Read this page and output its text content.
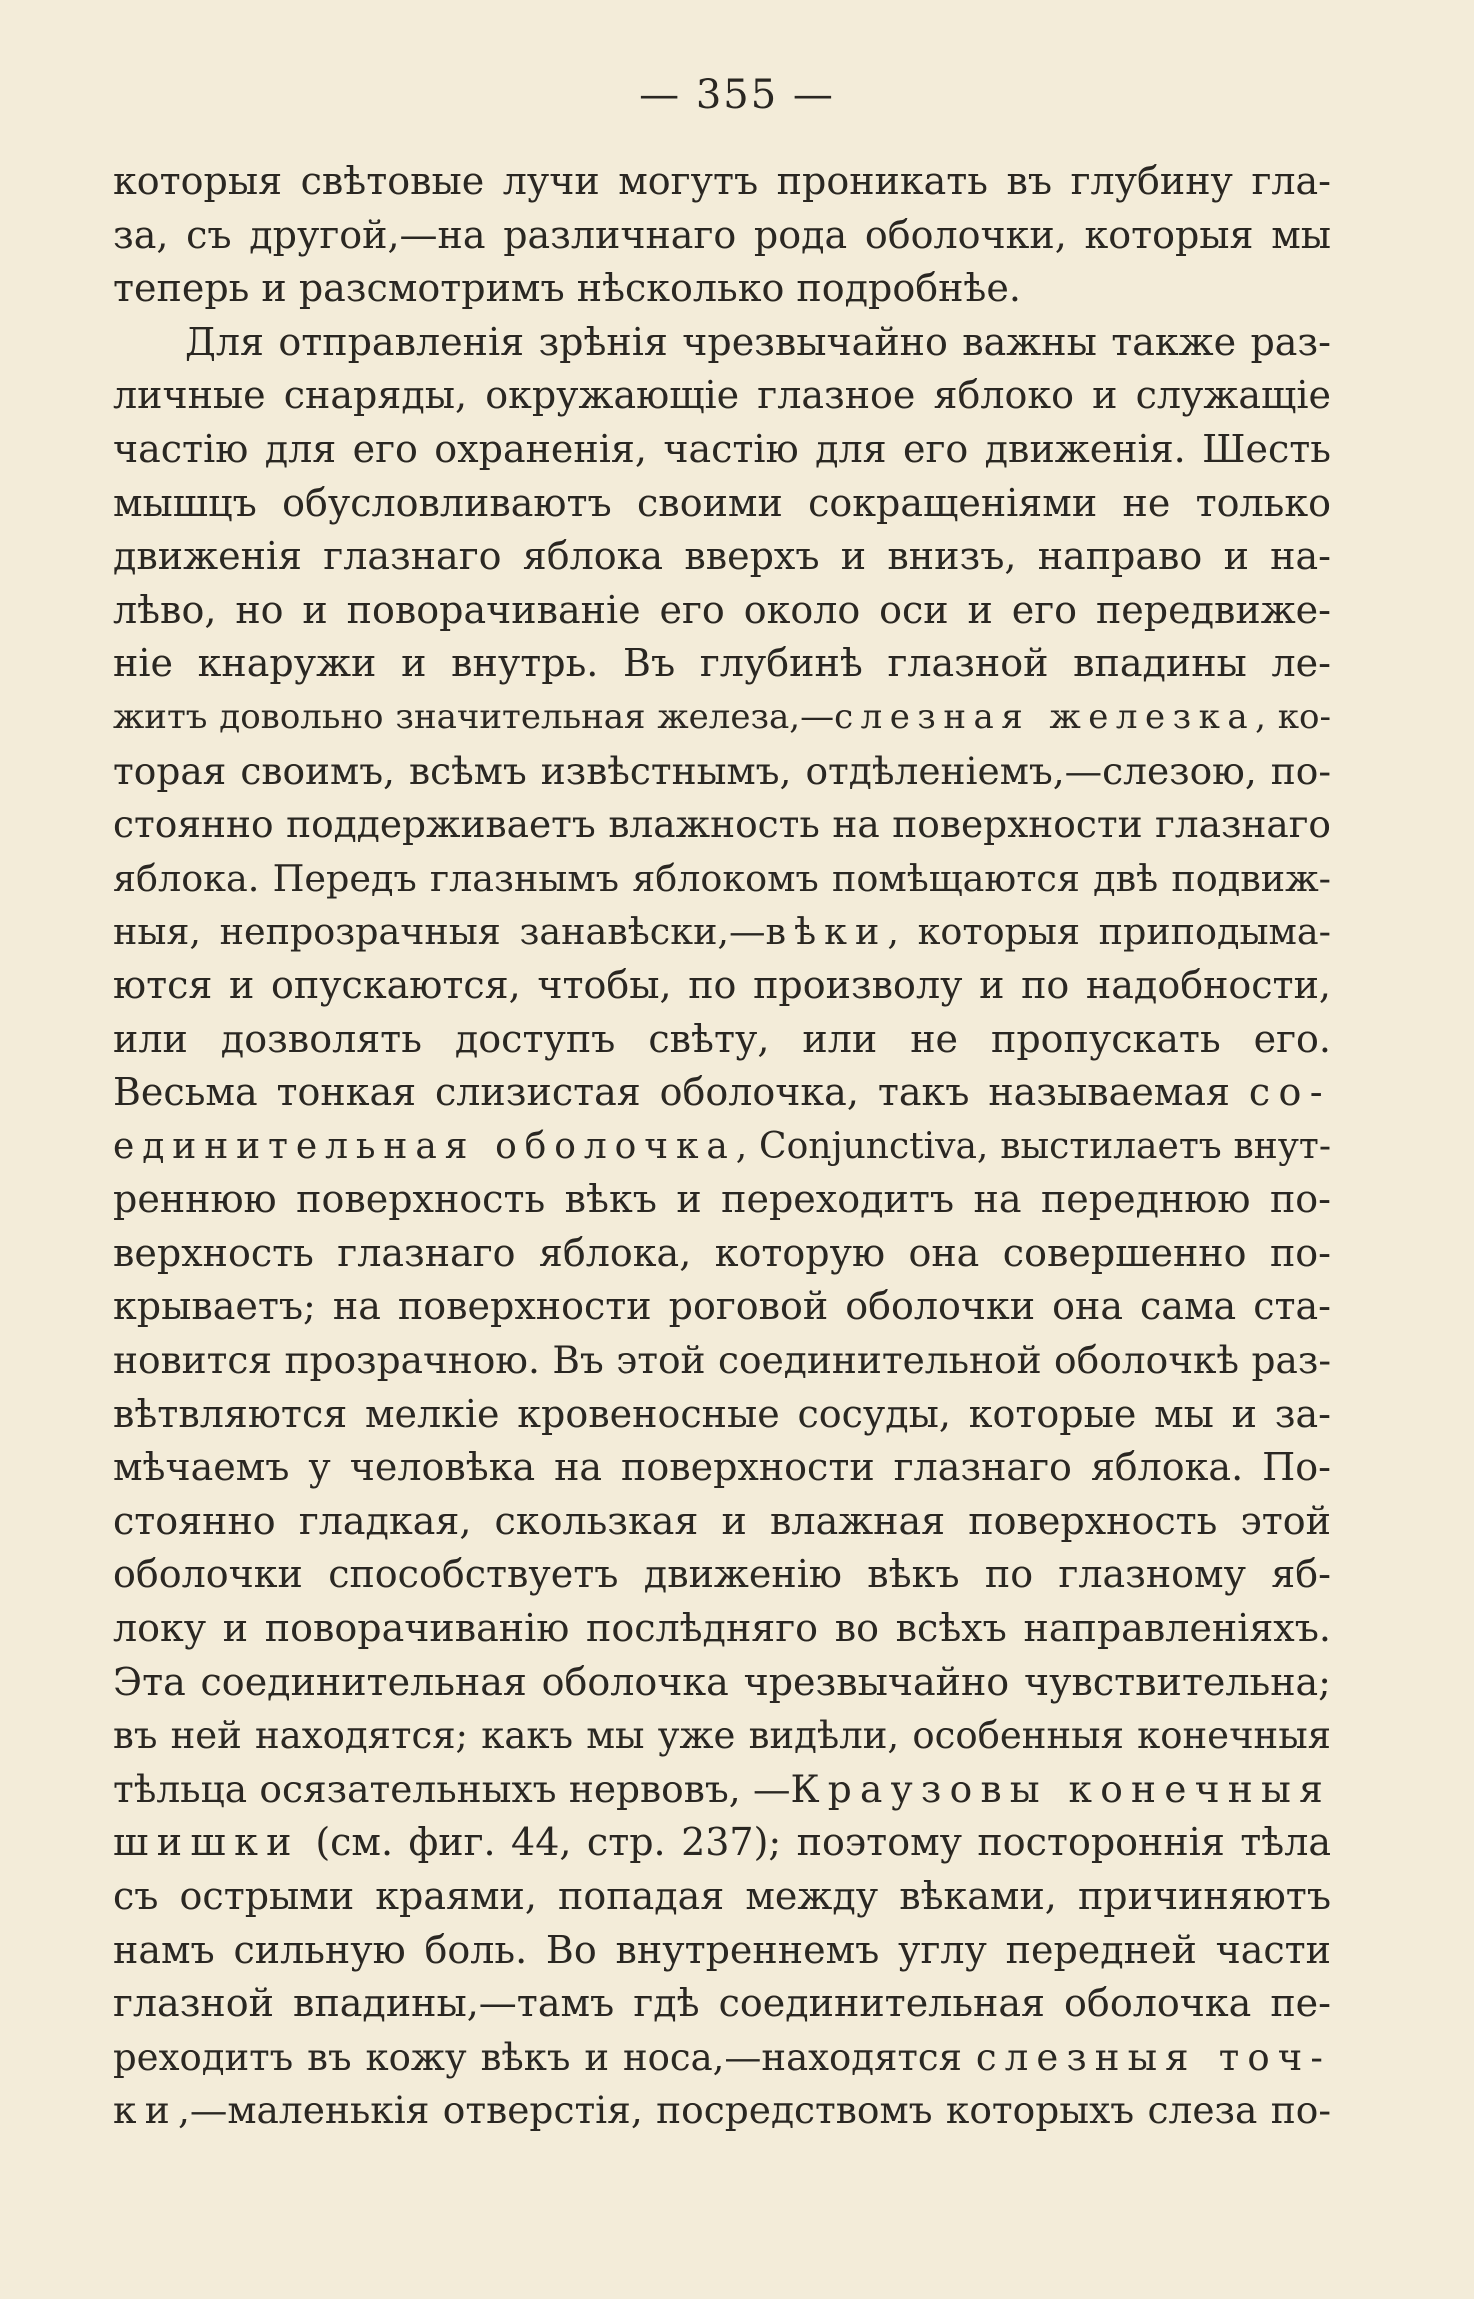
— 355 —
которыя свѣтовые лучи могутъ проникать въ глубину гла-
за, съ другой,—на различнаго рода оболочки, которыя мы
теперь и разсмотримъ нѣсколько подробнѣе.
Для отправленія зрѣнія чрезвычайно важны также раз-
личные снаряды, окружающіе глазное яблоко и служащіе
частію для его охраненія, частію для его движенія. Шесть
мышцъ обусловливаютъ своими сокращеніями не только
движенія глазнаго яблока вверхъ и внизъ, направо и на-
лѣво, но и поворачиваніе его около оси и его передвиже-
ніе кнаружи и внутрь. Въ глубинѣ глазной впадины ле-
житъ довольно значительная железа,—слезная железка, ко-
торая своимъ, всѣмъ извѣстнымъ, отдѣленіемъ,—слезою, по-
стоянно поддерживаетъ влажность на поверхности глазнаго
яблока. Передъ глазнымъ яблокомъ помѣщаются двѣ подвиж-
ныя, непрозрачныя занавѣски,—вѣки, которыя приподыма-
ются и опускаются, чтобы, по произволу и по надобности,
или дозволять доступъ свѣту, или не пропускать его.
Весьма тонкая слизистая оболочка, такъ называемая со-
единительная оболочка, Conjunctiva, выстилаетъ внут-
реннюю поверхность вѣкъ и переходитъ на переднюю по-
верхность глазнаго яблока, которую она совершенно по-
крываетъ; на поверхности роговой оболочки она сама ста-
новится прозрачною. Въ этой соединительной оболочкѣ раз-
вѣтвляются мелкіе кровеносные сосуды, которые мы и за-
мѣчаемъ у человѣка на поверхности глазнаго яблока. По-
стоянно гладкая, скользкая и влажная поверхность этой
оболочки способствуетъ движенію вѣкъ по глазному яб-
локу и поворачиванію послѣдняго во всѣхъ направленіяхъ.
Эта соединительная оболочка чрезвычайно чувствительна;
въ ней находятся; какъ мы уже видѣли, особенныя конечныя
тѣльца осязательныхъ нервовъ, —Краузовы конечныя
шишки (см. фиг. 44, стр. 237); поэтому постороннія тѣла
съ острыми краями, попадая между вѣками, причиняютъ
намъ сильную боль. Во внутреннемъ углу передней части
глазной впадины,—тамъ гдѣ соединительная оболочка пе-
реходитъ въ кожу вѣкъ и носа,—находятся слезныя точ-
ки,—маленькія отверстія, посредствомъ которыхъ слеза по-
